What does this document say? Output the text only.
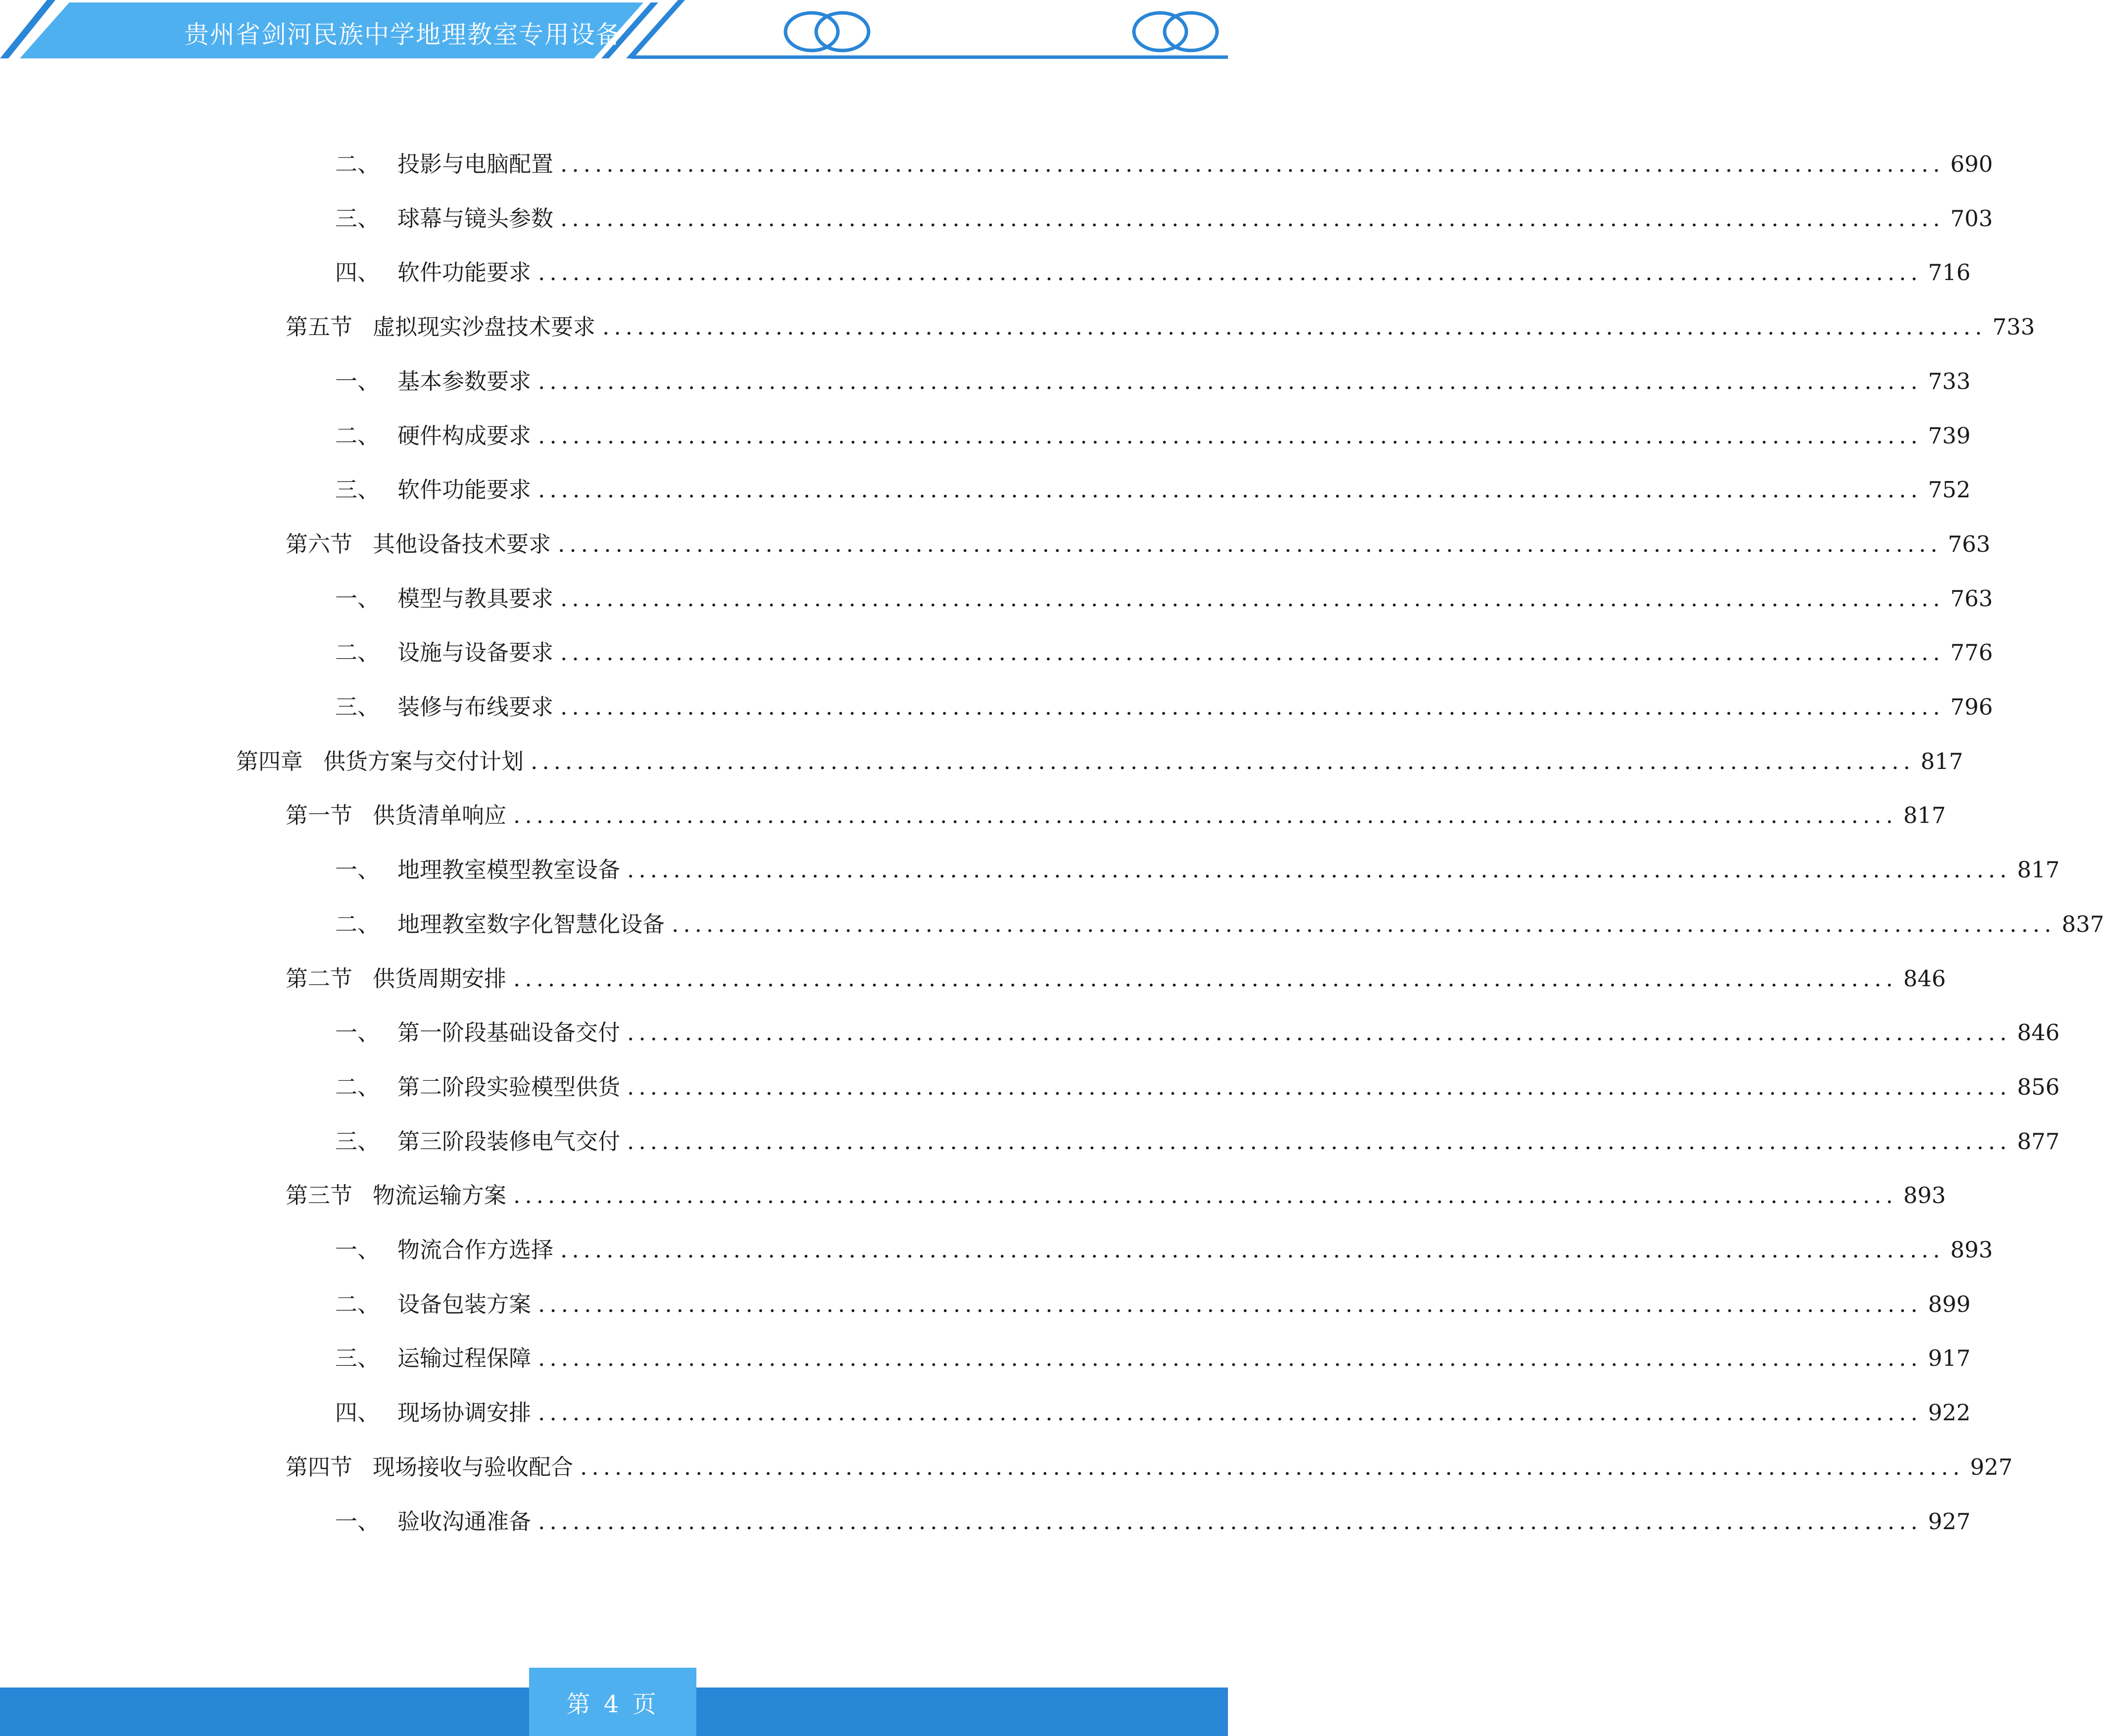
贵州省剑河民族中学地理教室专用设备
二、 投影与电脑配置 ........................................................................................................................ 690
三、 球幕与镜头参数 ........................................................................................................................ 703
四、 软件功能要求 ........................................................................................................................ 716
第五节 虚拟现实沙盘技术要求 ........................................................................................................................ 733
一、 基本参数要求 ........................................................................................................................ 733
二、 硬件构成要求 ........................................................................................................................ 739
三、 软件功能要求 ........................................................................................................................ 752
第六节 其他设备技术要求 ........................................................................................................................ 763
一、 模型与教具要求 ........................................................................................................................ 763
二、 设施与设备要求 ........................................................................................................................ 776
三、 装修与布线要求 ........................................................................................................................ 796
第四章 供货方案与交付计划 ........................................................................................................................ 817
第一节 供货清单响应 ........................................................................................................................ 817
一、 地理教室模型教室设备 ........................................................................................................................ 817
二、 地理教室数字化智慧化设备 ........................................................................................................................ 837
第二节 供货周期安排 ........................................................................................................................ 846
一、 第一阶段基础设备交付 ........................................................................................................................ 846
二、 第二阶段实验模型供货 ........................................................................................................................ 856
三、 第三阶段装修电气交付 ........................................................................................................................ 877
第三节 物流运输方案 ........................................................................................................................ 893
一、 物流合作方选择 ........................................................................................................................ 893
二、 设备包装方案 ........................................................................................................................ 899
三、 运输过程保障 ........................................................................................................................ 917
四、 现场协调安排 ........................................................................................................................ 922
第四节 现场接收与验收配合 ........................................................................................................................ 927
一、 验收沟通准备 ........................................................................................................................ 927
第 4 页
